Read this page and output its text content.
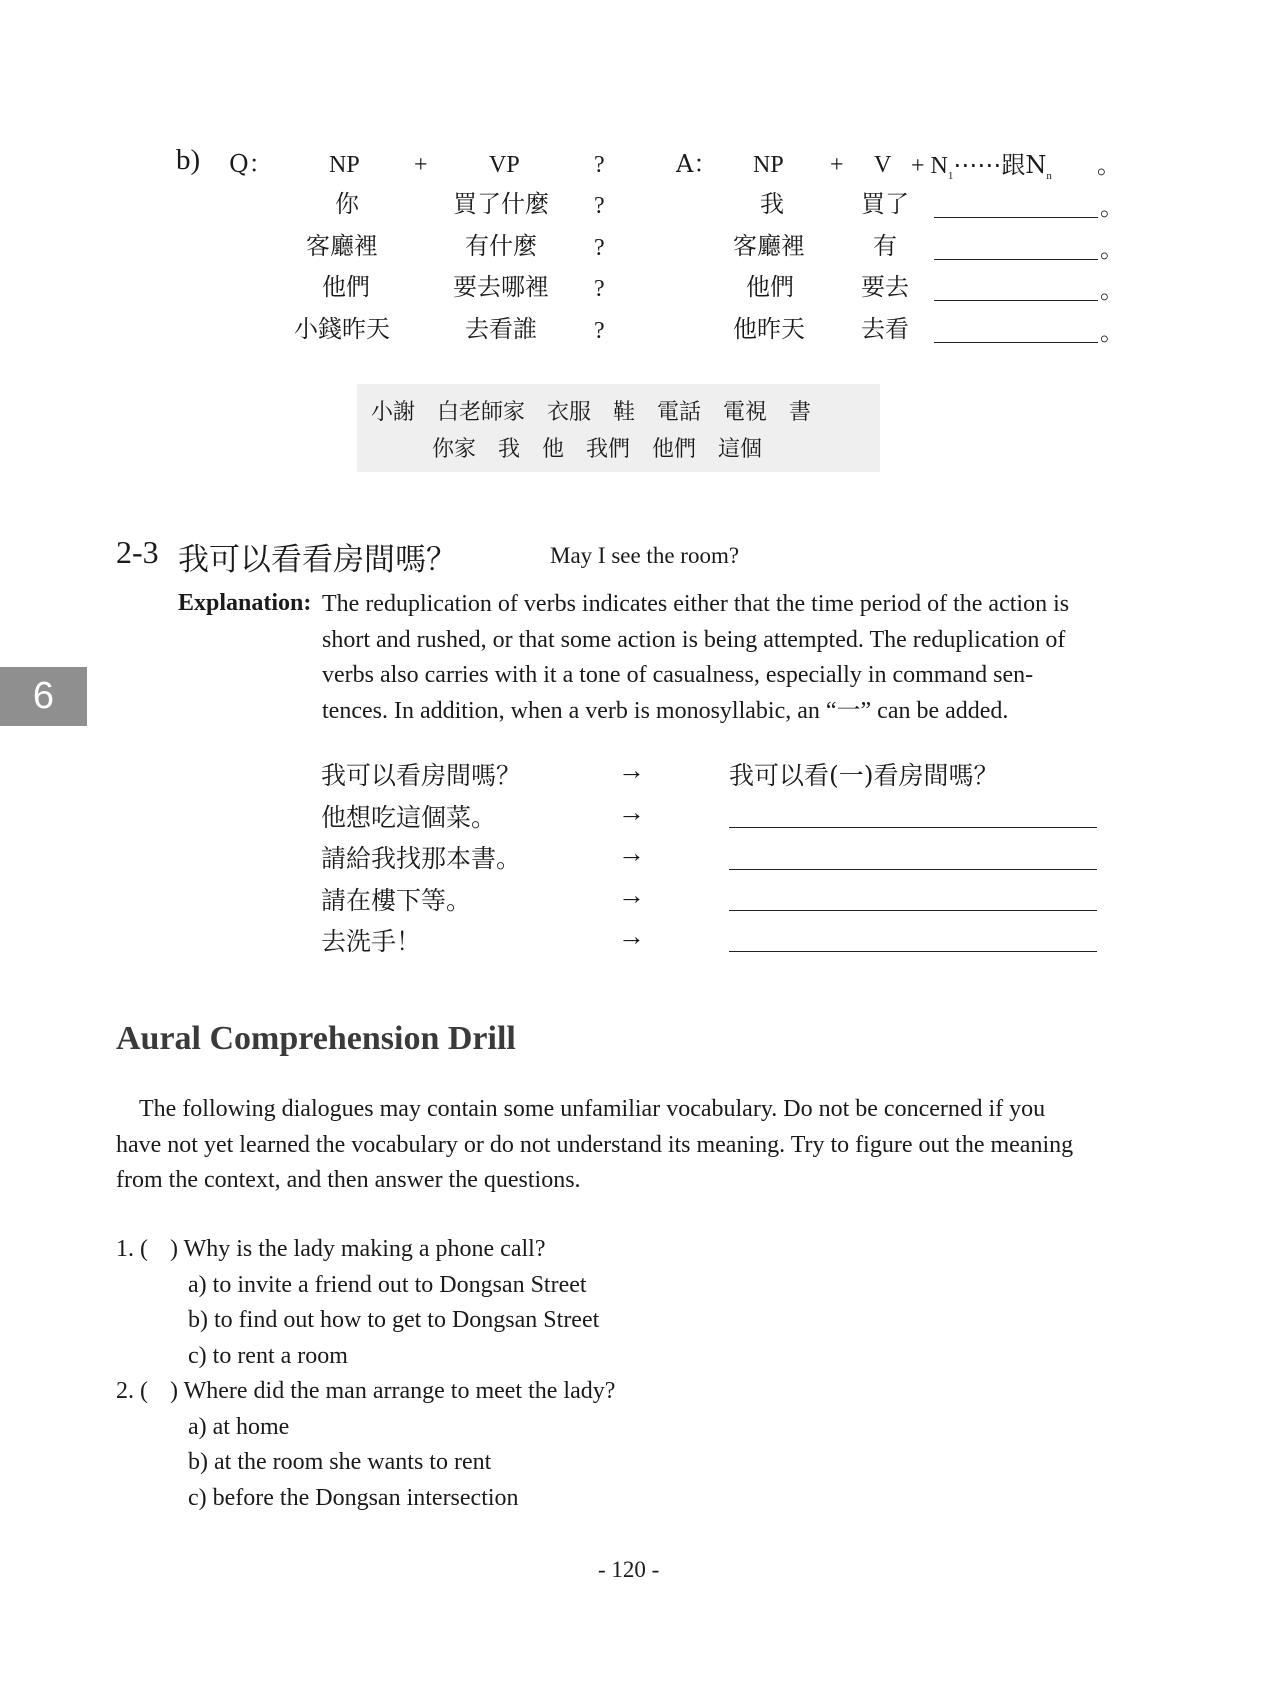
6
b) Q： NP +	VP	?	A： NP + $V + N_1\cdots\cdots$跟$N_n$ 。
你	買了什麼 ?	我	買了	。
客廳裡	有什麼 ?	客廳裡	有	。
他們	要去哪裡 ?	他們	要去	。
小錢昨天	去看誰 ?	他昨天 去看	。
小謝　白老師家　衣服　鞋　電話　電視　書
你家　我　他　我們　他們　這個
2-3 我可以看看房間嗎？	May I see the room?
Explanation: The reduplication of verbs indicates either that the time period of the action is
short and rushed, or that some action is being attempted. The reduplication of
verbs also carries with it a tone of casualness, especially in command sen-
tences. In addition, when a verb is monosyllabic, an “一” can be added.
我可以看房間嗎？	→	我可以看(一)看房間嗎？
他想吃這個菜。	→
請給我找那本書。	→
請在樓下等。	→
去洗手！	→
Aural Comprehension Drill
The following dialogues may contain some unfamiliar vocabulary. Do not be concerned if you
have not yet learned the vocabulary or do not understand its meaning. Try to figure out the meaning
from the context, and then answer the questions.
1. ( ) Why is the lady making a phone call?
a) to invite a friend out to Dongsan Street
b) to find out how to get to Dongsan Street
c) to rent a room
2. ( ) Where did the man arrange to meet the lady?
a) at home
b) at the room she wants to rent
c) before the Dongsan intersection
- 120 -
